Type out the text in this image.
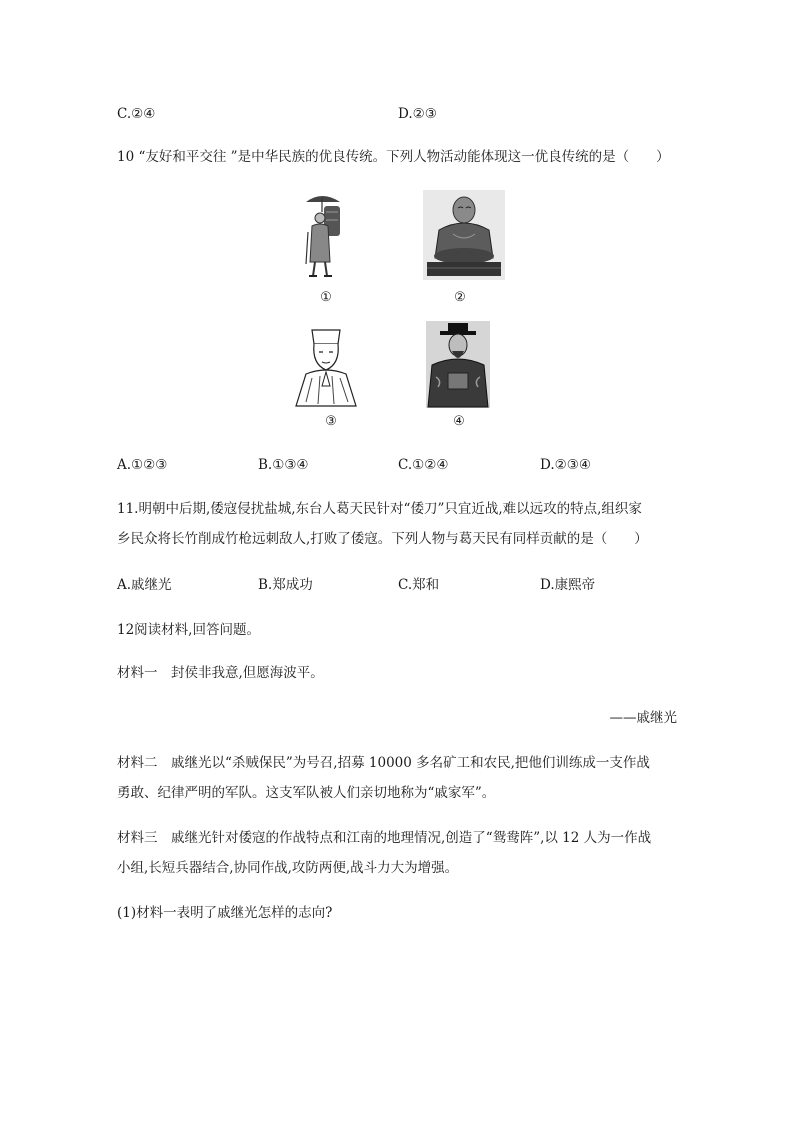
C.②④	D.②③
10 “友好和平交往 ”是中华民族的优良传统。下列人物活动能体现这一优良传统的是（　　）
①	②
③	④
A.①②③	B.①③④	C.①②④	D.②③④
11.明朝中后期,倭寇侵扰盐城,东台人葛天民针对“倭刀”只宜近战,难以远攻的特点,组织家
乡民众将长竹削成竹枪远刺敌人,打败了倭寇。下列人物与葛天民有同样贡献的是（　　）
A.戚继光	B.郑成功	C.郑和	D.康熙帝
12阅读材料,回答问题。
材料一　封侯非我意,但愿海波平。
——戚继光
材料二　戚继光以“杀贼保民”为号召,招募 10000 多名矿工和农民,把他们训练成一支作战
勇敢、纪律严明的军队。这支军队被人们亲切地称为“戚家军”。
材料三　戚继光针对倭寇的作战特点和江南的地理情况,创造了“鸳鸯阵”,以 12 人为一作战
小组,长短兵器结合,协同作战,攻防两便,战斗力大为增强。
(1)材料一表明了戚继光怎样的志向?
